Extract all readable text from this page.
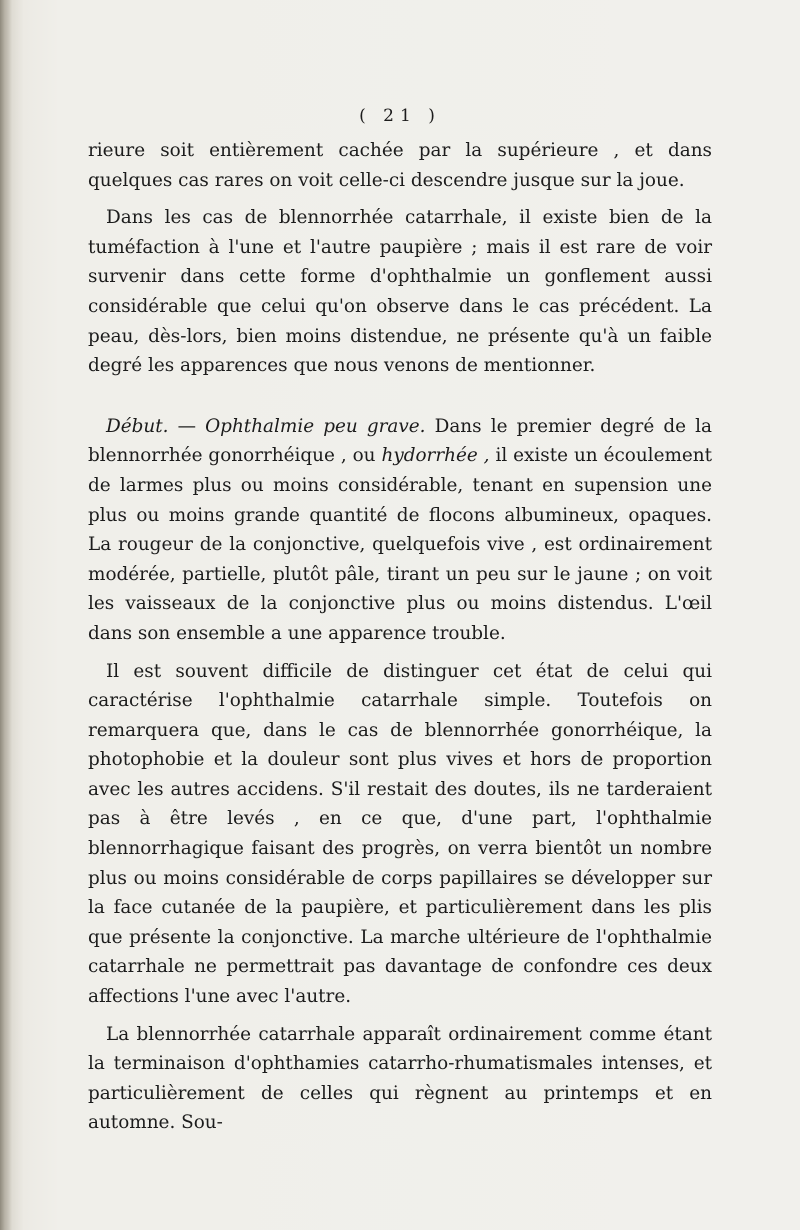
( 21 )

rieure soit entièrement cachée par la supérieure , et dans quelques cas rares on voit celle-ci descendre jusque sur la joue.

Dans les cas de blennorrhée catarrhale, il existe bien de la tuméfaction à l'une et l'autre paupière ; mais il est rare de voir survenir dans cette forme d'ophthalmie un gonflement aussi considérable que celui qu'on observe dans le cas précédent. La peau, dès-lors, bien moins distendue, ne présente qu'à un faible degré les apparences que nous venons de mentionner.

Début. — Ophthalmie peu grave. Dans le premier degré de la blennorrhée gonorrhéique , ou hydorrhée , il existe un écoulement de larmes plus ou moins considérable, tenant en supension une plus ou moins grande quantité de flocons albumineux, opaques. La rougeur de la conjonctive, quelquefois vive , est ordinairement modérée, partielle, plutôt pâle, tirant un peu sur le jaune ; on voit les vaisseaux de la conjonctive plus ou moins distendus. L'œil dans son ensemble a une apparence trouble.

Il est souvent difficile de distinguer cet état de celui qui caractérise l'ophthalmie catarrhale simple. Toutefois on remarquera que, dans le cas de blennorrhée gonorrhéique, la photophobie et la douleur sont plus vives et hors de proportion avec les autres accidens. S'il restait des doutes, ils ne tarderaient pas à être levés , en ce que, d'une part, l'ophthalmie blennorrhagique faisant des progrès, on verra bientôt un nombre plus ou moins considérable de corps papillaires se développer sur la face cutanée de la paupière, et particulièrement dans les plis que présente la conjonctive. La marche ultérieure de l'ophthalmie catarrhale ne permettrait pas davantage de confondre ces deux affections l'une avec l'autre.

La blennorrhée catarrhale apparaît ordinairement comme étant la terminaison d'ophthamies catarrho-rhumatismales intenses, et particulièrement de celles qui règnent au printemps et en automne. Sou-
